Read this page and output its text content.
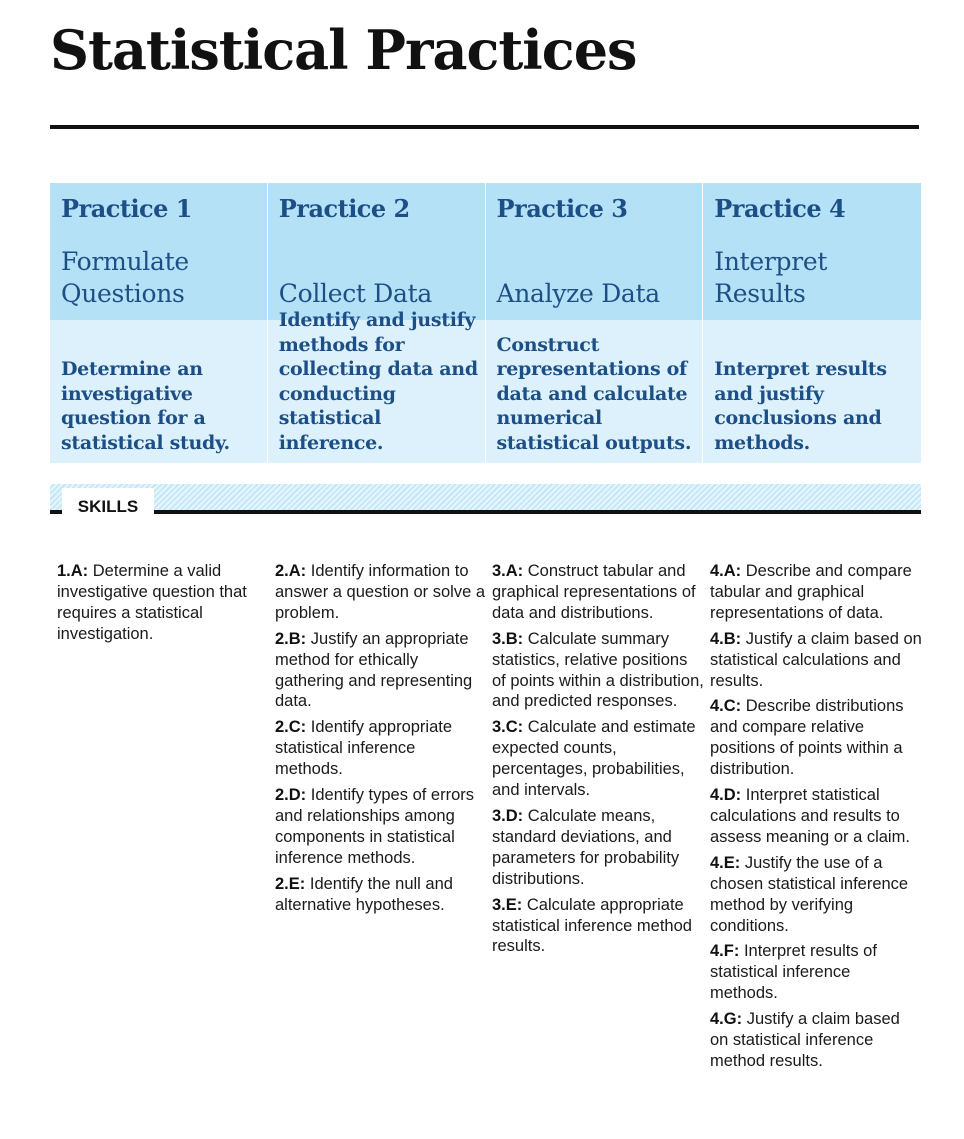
Statistical Practices
Practice 1
Formulate Questions
Practice 2
Collect Data
Practice 3
Analyze Data
Practice 4
Interpret Results
Determine an investigative question for a statistical study.
Identify and justify methods for collecting data and conducting statistical inference.
Construct representations of data and calculate numerical statistical outputs.
Interpret results and justify conclusions and methods.
SKILLS

1.A: Determine a valid investigative question that requires a statistical investigation.

2.A: Identify information to answer a question or solve a problem.

2.B: Justify an appropriate method for ethically gathering and representing data.

2.C: Identify appropriate statistical inference methods.

2.D: Identify types of errors and relationships among components in statistical inference methods.

2.E: Identify the null and alternative hypotheses.

3.A: Construct tabular and graphical representations of data and distributions.

3.B: Calculate summary statistics, relative positions of points within a distribution, and predicted responses.

3.C: Calculate and estimate expected counts, percentages, probabilities, and intervals.

3.D: Calculate means, standard deviations, and parameters for probability distributions.

3.E: Calculate appropriate statistical inference method results.

4.A: Describe and compare tabular and graphical representations of data.

4.B: Justify a claim based on statistical calculations and results.

4.C: Describe distributions and compare relative positions of points within a distribution.

4.D: Interpret statistical calculations and results to assess meaning or a claim.

4.E: Justify the use of a chosen statistical inference method by verifying conditions.

4.F: Interpret results of statistical inference methods.

4.G: Justify a claim based on statistical inference method results.
